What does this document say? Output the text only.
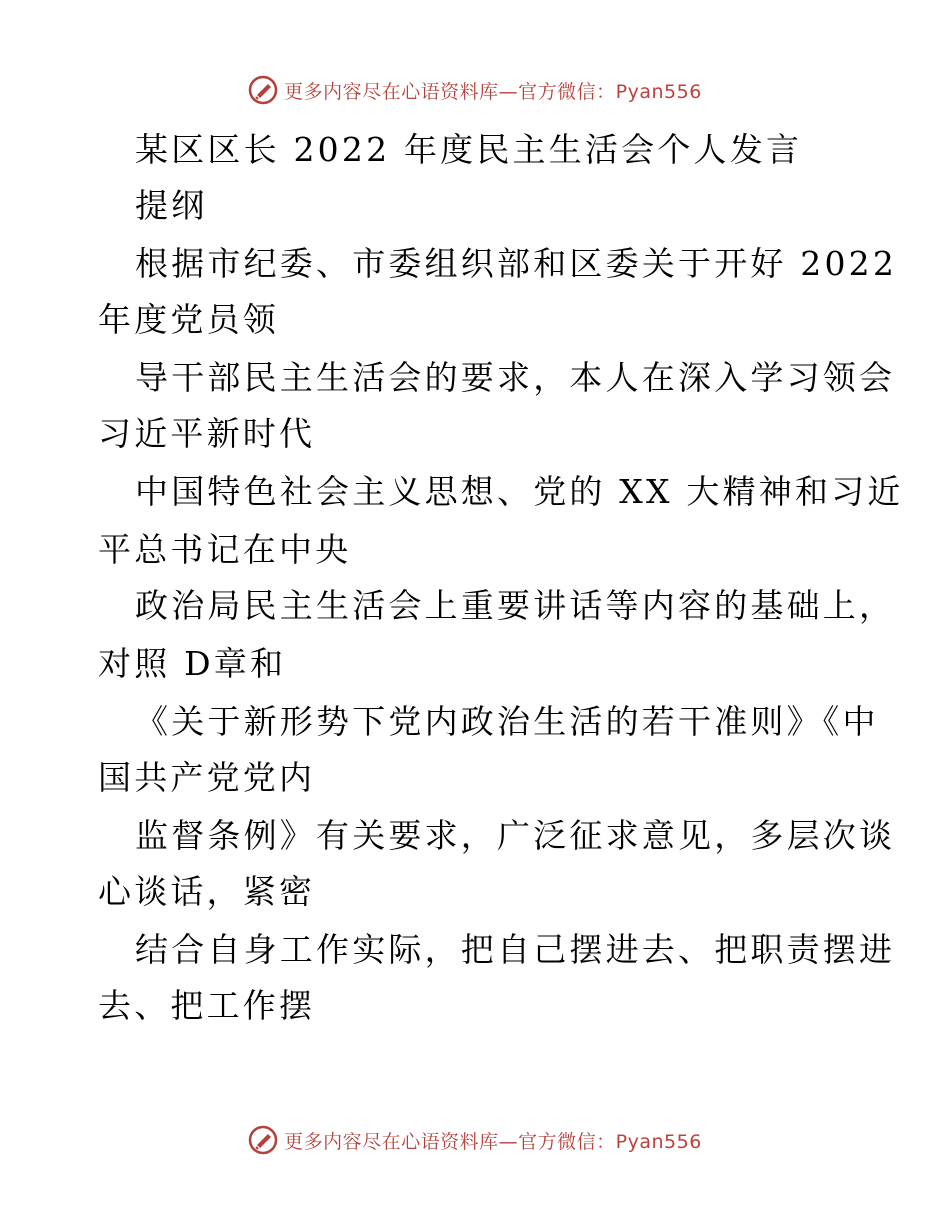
更多内容尽在心语资料库—官方微信：Pyan556
某区区长 2022 年度民主生活会个人发言
提纲
根据市纪委、市委组织部和区委关于开好 2022
年度党员领
导干部民主生活会的要求，本人在深入学习领会
习近平新时代
中国特色社会主义思想、党的 XX 大精神和习近
平总书记在中央
政治局民主生活会上重要讲话等内容的基础上，
对照 D章和
《关于新形势下党内政治生活的若干准则》《中
国共产党党内
监督条例》有关要求，广泛征求意见，多层次谈
心谈话，紧密
结合自身工作实际，把自己摆进去、把职责摆进
去、把工作摆
更多内容尽在心语资料库—官方微信：Pyan556
